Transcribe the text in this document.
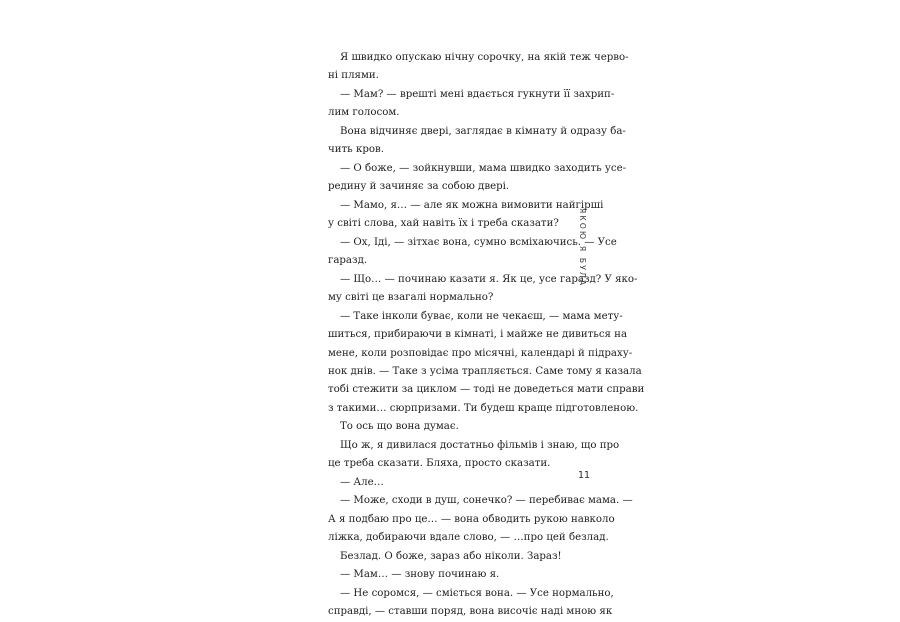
Я швидко опускаю нічну сорочку, на якій теж черво-
ні плями.
— Мам? — врешті мені вдається гукнути її захрип-
лим голосом.
Вона відчиняє двері, заглядає в кімнату й одразу ба-
чить кров.
— О боже, — зойкнувши, мама швидко заходить усе-
редину й зачиняє за собою двері.
— Мамо, я… — але як можна вимовити найгірші
у світі слова, хай навіть їх і треба сказати?
— Ох, Іді, — зітхає вона, сумно всміхаючись. — Усе
гаразд.
— Що… — починаю казати я. Як це, усе гаразд? У яко-
му світі це взагалі нормально?
— Таке інколи буває, коли не чекаєш, — мама мету-
шиться, прибираючи в кімнаті, і майже не дивиться на
мене, коли розповідає про місячні, календарі й підраху-
нок днів. — Таке з усіма трапляється. Саме тому я казала
тобі стежити за циклом — тоді не доведеться мати справи
з такими… сюрпризами. Ти будеш краще підготовленою.
То ось що вона думає.
Що ж, я дивилася достатньо фільмів і знаю, що про
це треба сказати. Бляха, просто сказати.
— Але…
— Може, сходи в душ, сонечко? — перебиває мама. —
А я подбаю про це… — вона обводить рукою навколо
ліжка, добираючи вдале слово, — …про цей безлад.
Безлад. О боже, зараз або ніколи. Зараз!
— Мам… — знову починаю я.
— Не соромся, — сміється вона. — Усе нормально,
справді, — ставши поряд, вона височіє наді мною як
ЯКОЮ Я БУЛА
11
